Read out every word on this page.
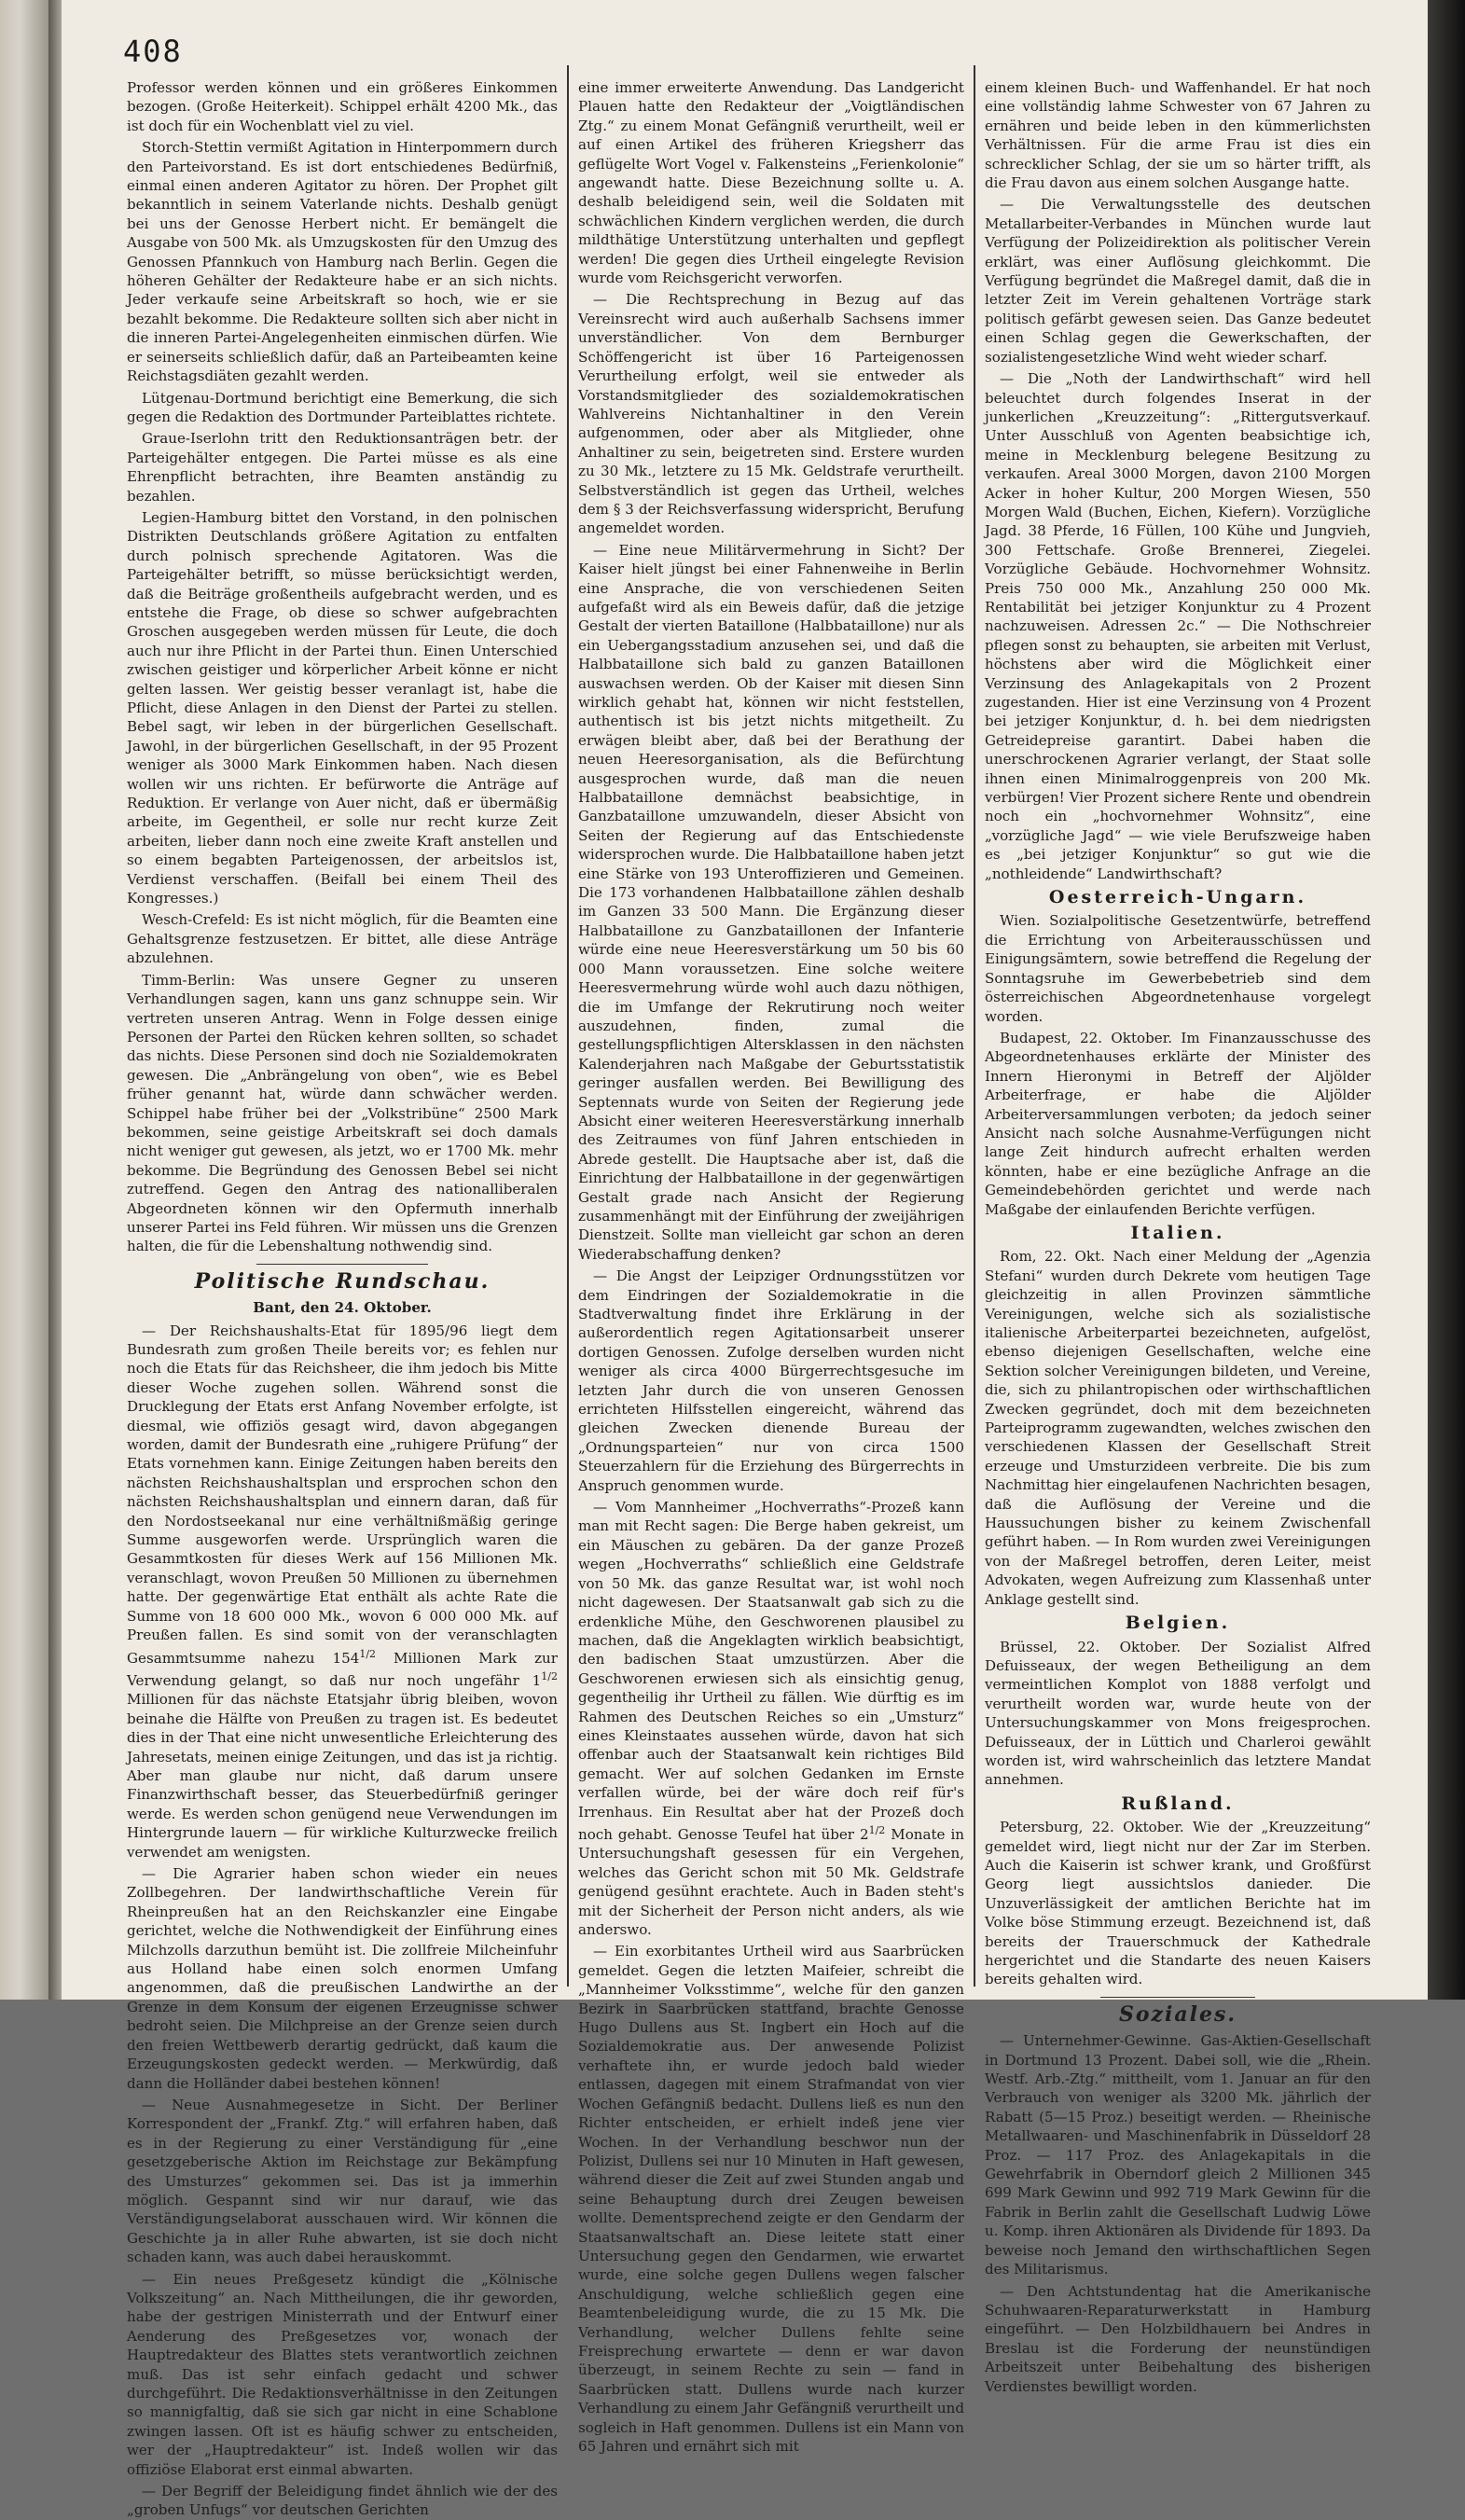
408

Professor werden können und ein größeres Einkommen bezogen. (Große Heiterkeit). Schippel erhält 4200 Mk., das ist doch für ein Wochenblatt viel zu viel.

Storch-Stettin vermißt Agitation in Hinterpommern durch den Parteivorstand. Es ist dort entschiedenes Bedürfniß, einmal einen anderen Agitator zu hören. Der Prophet gilt bekanntlich in seinem Vaterlande nichts. Deshalb genügt bei uns der Genosse Herbert nicht. Er bemängelt die Ausgabe von 500 Mk. als Umzugskosten für den Umzug des Genossen Pfannkuch von Hamburg nach Berlin. Gegen die höheren Gehälter der Redakteure habe er an sich nichts. Jeder verkaufe seine Arbeitskraft so hoch, wie er sie bezahlt bekomme. Die Redakteure sollten sich aber nicht in die inneren Partei-Angelegenheiten einmischen dürfen. Wie er seinerseits schließlich dafür, daß an Parteibeamten keine Reichstagsdiäten gezahlt werden.

Lütgenau-Dortmund berichtigt eine Bemerkung, die sich gegen die Redaktion des Dortmunder Parteiblattes richtete.

Graue-Iserlohn tritt den Reduktionsanträgen betr. der Parteigehälter entgegen. Die Partei müsse es als eine Ehrenpflicht betrachten, ihre Beamten anständig zu bezahlen.

Legien-Hamburg bittet den Vorstand, in den polnischen Distrikten Deutschlands größere Agitation zu entfalten durch polnisch sprechende Agitatoren. Was die Parteigehälter betrifft, so müsse berücksichtigt werden, daß die Beiträge großentheils aufgebracht werden, und es entstehe die Frage, ob diese so schwer aufgebrachten Groschen ausgegeben werden müssen für Leute, die doch auch nur ihre Pflicht in der Partei thun. Einen Unterschied zwischen geistiger und körperlicher Arbeit könne er nicht gelten lassen. Wer geistig besser veranlagt ist, habe die Pflicht, diese Anlagen in den Dienst der Partei zu stellen. Bebel sagt, wir leben in der bürgerlichen Gesellschaft. Jawohl, in der bürgerlichen Gesellschaft, in der 95 Prozent weniger als 3000 Mark Einkommen haben. Nach diesen wollen wir uns richten. Er befürworte die Anträge auf Reduktion. Er verlange von Auer nicht, daß er übermäßig arbeite, im Gegentheil, er solle nur recht kurze Zeit arbeiten, lieber dann noch eine zweite Kraft anstellen und so einem begabten Parteigenossen, der arbeitslos ist, Verdienst verschaffen. (Beifall bei einem Theil des Kongresses.)

Wesch-Crefeld: Es ist nicht möglich, für die Beamten eine Gehaltsgrenze festzusetzen. Er bittet, alle diese Anträge abzulehnen.

Timm-Berlin: Was unsere Gegner zu unseren Verhandlungen sagen, kann uns ganz schnuppe sein. Wir vertreten unseren Antrag. Wenn in Folge dessen einige Personen der Partei den Rücken kehren sollten, so schadet das nichts. Diese Personen sind doch nie Sozialdemokraten gewesen. Die „Anbrängelung von oben“, wie es Bebel früher genannt hat, würde dann schwächer werden. Schippel habe früher bei der „Volkstribüne“ 2500 Mark bekommen, seine geistige Arbeitskraft sei doch damals nicht weniger gut gewesen, als jetzt, wo er 1700 Mk. mehr bekomme. Die Begründung des Genossen Bebel sei nicht zutreffend. Gegen den Antrag des nationalliberalen Abgeordneten können wir den Opfermuth innerhalb unserer Partei ins Feld führen. Wir müssen uns die Grenzen halten, die für die Lebenshaltung nothwendig sind.

Politische Rundschau.
Bant, den 24. Oktober.

— Der Reichshaushalts-Etat für 1895/96 liegt dem Bundesrath zum großen Theile bereits vor; es fehlen nur noch die Etats für das Reichsheer, die ihm jedoch bis Mitte dieser Woche zugehen sollen. Während sonst die Drucklegung der Etats erst Anfang November erfolgte, ist diesmal, wie offiziös gesagt wird, davon abgegangen worden, damit der Bundesrath eine „ruhigere Prüfung“ der Etats vornehmen kann. Einige Zeitungen haben bereits den nächsten Reichshaushaltsplan und ersprochen schon den nächsten Reichshaushaltsplan und einnern daran, daß für den Nordostseekanal nur eine verhältnißmäßig geringe Summe ausgeworfen werde. Ursprünglich waren die Gesammtkosten für dieses Werk auf 156 Millionen Mk. veranschlagt, wovon Preußen 50 Millionen zu übernehmen hatte. Der gegenwärtige Etat enthält als achte Rate die Summe von 18 600 000 Mk., wovon 6 000 000 Mk. auf Preußen fallen. Es sind somit von der veranschlagten Gesammtsumme nahezu $154^{1/2}$ Millionen Mark zur Verwendung gelangt, so daß nur noch ungefähr $1^{1/2}$ Millionen für das nächste Etatsjahr übrig bleiben, wovon beinahe die Hälfte von Preußen zu tragen ist. Es bedeutet dies in der That eine nicht unwesentliche Erleichterung des Jahresetats, meinen einige Zeitungen, und das ist ja richtig. Aber man glaube nur nicht, daß darum unsere Finanzwirthschaft besser, das Steuerbedürfniß geringer werde. Es werden schon genügend neue Verwendungen im Hintergrunde lauern — für wirkliche Kulturzwecke freilich verwendet am wenigsten.

— Die Agrarier haben schon wieder ein neues Zollbegehren. Der landwirthschaftliche Verein für Rheinpreußen hat an den Reichskanzler eine Eingabe gerichtet, welche die Nothwendigkeit der Einführung eines Milchzolls darzuthun bemüht ist. Die zollfreie Milcheinfuhr aus Holland habe einen solch enormen Umfang angenommen, daß die preußischen Landwirthe an der Grenze in dem Konsum der eigenen Erzeugnisse schwer bedroht seien. Die Milchpreise an der Grenze seien durch den freien Wettbewerb derartig gedrückt, daß kaum die Erzeugungskosten gedeckt werden. — Merkwürdig, daß dann die Holländer dabei bestehen können!

— Neue Ausnahmegesetze in Sicht. Der Berliner Korrespondent der „Frankf. Ztg.“ will erfahren haben, daß es in der Regierung zu einer Verständigung für „eine gesetzgeberische Aktion im Reichstage zur Bekämpfung des Umsturzes“ gekommen sei. Das ist ja immerhin möglich. Gespannt sind wir nur darauf, wie das Verständigungselaborat ausschauen wird. Wir können die Geschichte ja in aller Ruhe abwarten, ist sie doch nicht schaden kann, was auch dabei herauskommt.

— Ein neues Preßgesetz kündigt die „Kölnische Volkszeitung“ an. Nach Mittheilungen, die ihr geworden, habe der gestrigen Ministerrath und der Entwurf einer Aenderung des Preßgesetzes vor, wonach der Hauptredakteur des Blattes stets verantwortlich zeichnen muß. Das ist sehr einfach gedacht und schwer durchgeführt. Die Redaktionsverhältnisse in den Zeitungen so mannigfaltig, daß sie sich gar nicht in eine Schablone zwingen lassen. Oft ist es häufig schwer zu entscheiden, wer der „Hauptredakteur“ ist. Indeß wollen wir das offiziöse Elaborat erst einmal abwarten.

— Der Begriff der Beleidigung findet ähnlich wie der des „groben Unfugs“ vor deutschen Gerichten

eine immer erweiterte Anwendung. Das Landgericht Plauen hatte den Redakteur der „Voigtländischen Ztg.“ zu einem Monat Gefängniß verurtheilt, weil er auf einen Artikel des früheren Kriegsherr das geflügelte Wort Vogel v. Falkensteins „Ferienkolonie“ angewandt hatte. Diese Bezeichnung sollte u. A. deshalb beleidigend sein, weil die Soldaten mit schwächlichen Kindern verglichen werden, die durch mildthätige Unterstützung unterhalten und gepflegt werden! Die gegen dies Urtheil eingelegte Revision wurde vom Reichsgericht verworfen.

— Die Rechtsprechung in Bezug auf das Vereinsrecht wird auch außerhalb Sachsens immer unverständlicher. Von dem Bernburger Schöffengericht ist über 16 Parteigenossen Verurtheilung erfolgt, weil sie entweder als Vorstandsmitglieder des sozialdemokratischen Wahlvereins Nichtanhaltiner in den Verein aufgenommen, oder aber als Mitglieder, ohne Anhaltiner zu sein, beigetreten sind. Erstere wurden zu 30 Mk., letztere zu 15 Mk. Geldstrafe verurtheilt. Selbstverständlich ist gegen das Urtheil, welches dem § 3 der Reichsverfassung widerspricht, Berufung angemeldet worden.

— Eine neue Militärvermehrung in Sicht? Der Kaiser hielt jüngst bei einer Fahnenweihe in Berlin eine Ansprache, die von verschiedenen Seiten aufgefaßt wird als ein Beweis dafür, daß die jetzige Gestalt der vierten Bataillone (Halbbataillone) nur als ein Uebergangsstadium anzusehen sei, und daß die Halbbataillone sich bald zu ganzen Bataillonen auswachsen werden. Ob der Kaiser mit diesen Sinn wirklich gehabt hat, können wir nicht feststellen, authentisch ist bis jetzt nichts mitgetheilt. Zu erwägen bleibt aber, daß bei der Berathung der neuen Heeresorganisation, als die Befürchtung ausgesprochen wurde, daß man die neuen Halbbataillone demnächst beabsichtige, in Ganzbataillone umzuwandeln, dieser Absicht von Seiten der Regierung auf das Entschiedenste widersprochen wurde. Die Halbbataillone haben jetzt eine Stärke von 193 Unteroffizieren und Gemeinen. Die 173 vorhandenen Halbbataillone zählen deshalb im Ganzen 33 500 Mann. Die Ergänzung dieser Halbbataillone zu Ganzbataillonen der Infanterie würde eine neue Heeresverstärkung um 50 bis 60 000 Mann voraussetzen. Eine solche weitere Heeresvermehrung würde wohl auch dazu nöthigen, die im Umfange der Rekrutirung noch weiter auszudehnen, finden, zumal die gestellungspflichtigen Altersklassen in den nächsten Kalenderjahren nach Maßgabe der Geburtsstatistik geringer ausfallen werden. Bei Bewilligung des Septennats wurde von Seiten der Regierung jede Absicht einer weiteren Heeresverstärkung innerhalb des Zeitraumes von fünf Jahren entschieden in Abrede gestellt. Die Hauptsache aber ist, daß die Einrichtung der Halbbataillone in der gegenwärtigen Gestalt grade nach Ansicht der Regierung zusammenhängt mit der Einführung der zweijährigen Dienstzeit. Sollte man vielleicht gar schon an deren Wiederabschaffung denken?

— Die Angst der Leipziger Ordnungsstützen vor dem Eindringen der Sozialdemokratie in die Stadtverwaltung findet ihre Erklärung in der außerordentlich regen Agitationsarbeit unserer dortigen Genossen. Zufolge derselben wurden nicht weniger als circa 4000 Bürgerrechtsgesuche im letzten Jahr durch die von unseren Genossen errichteten Hilfsstellen eingereicht, während das gleichen Zwecken dienende Bureau der „Ordnungsparteien“ nur von circa 1500 Steuerzahlern für die Erziehung des Bürgerrechts in Anspruch genommen wurde.

— Vom Mannheimer „Hochverraths“-Prozeß kann man mit Recht sagen: Die Berge haben gekreist, um ein Mäuschen zu gebären. Da der ganze Prozeß wegen „Hochverraths“ schließlich eine Geldstrafe von 50 Mk. das ganze Resultat war, ist wohl noch nicht dagewesen. Der Staatsanwalt gab sich zu die erdenkliche Mühe, den Geschworenen plausibel zu machen, daß die Angeklagten wirklich beabsichtigt, den badischen Staat umzustürzen. Aber die Geschworenen erwiesen sich als einsichtig genug, gegentheilig ihr Urtheil zu fällen. Wie dürftig es im Rahmen des Deutschen Reiches so ein „Umsturz“ eines Kleinstaates aussehen würde, davon hat sich offenbar auch der Staatsanwalt kein richtiges Bild gemacht. Wer auf solchen Gedanken im Ernste verfallen würde, bei der wäre doch reif für's Irrenhaus. Ein Resultat aber hat der Prozeß doch noch gehabt. Genosse Teufel hat über $2^{1/2}$ Monate in Untersuchungshaft gesessen für ein Vergehen, welches das Gericht schon mit 50 Mk. Geldstrafe genügend gesühnt erachtete. Auch in Baden steht's mit der Sicherheit der Person nicht anders, als wie anderswo.

— Ein exorbitantes Urtheil wird aus Saarbrücken gemeldet. Gegen die letzten Maifeier, schreibt die „Mannheimer Volksstimme“, welche für den ganzen Bezirk in Saarbrücken stattfand, brachte Genosse Hugo Dullens aus St. Ingbert ein Hoch auf die Sozialdemokratie aus. Der anwesende Polizist verhaftete ihn, er wurde jedoch bald wieder entlassen, dagegen mit einem Strafmandat von vier Wochen Gefängniß bedacht. Dullens ließ es nun den Richter entscheiden, er erhielt indeß jene vier Wochen. In der Verhandlung beschwor nun der Polizist, Dullens sei nur 10 Minuten in Haft gewesen, während dieser die Zeit auf zwei Stunden angab und seine Behauptung durch drei Zeugen beweisen wollte. Dementsprechend zeigte er den Gendarm der Staatsanwaltschaft an. Diese leitete statt einer Untersuchung gegen den Gendarmen, wie erwartet wurde, eine solche gegen Dullens wegen falscher Anschuldigung, welche schließlich gegen eine Beamtenbeleidigung wurde, die zu 15 Mk. Die Verhandlung, welcher Dullens fehlte seine Freisprechung erwartete — denn er war davon überzeugt, in seinem Rechte zu sein — fand in Saarbrücken statt. Dullens wurde nach kurzer Verhandlung zu einem Jahr Gefängniß verurtheilt und sogleich in Haft genommen. Dullens ist ein Mann von 65 Jahren und ernährt sich mit

einem kleinen Buch- und Waffenhandel. Er hat noch eine vollständig lahme Schwester von 67 Jahren zu ernähren und beide leben in den kümmerlichsten Verhältnissen. Für die arme Frau ist dies ein schrecklicher Schlag, der sie um so härter trifft, als die Frau davon aus einem solchen Ausgange hatte.

— Die Verwaltungsstelle des deutschen Metallarbeiter-Verbandes in München wurde laut Verfügung der Polizeidirektion als politischer Verein erklärt, was einer Auflösung gleichkommt. Die Verfügung begründet die Maßregel damit, daß die in letzter Zeit im Verein gehaltenen Vorträge stark politisch gefärbt gewesen seien. Das Ganze bedeutet einen Schlag gegen die Gewerkschaften, der sozialistengesetzliche Wind weht wieder scharf.

— Die „Noth der Landwirthschaft“ wird hell beleuchtet durch folgendes Inserat in der junkerlichen „Kreuzzeitung“: „Rittergutsverkauf. Unter Ausschluß von Agenten beabsichtige ich, meine in Mecklenburg belegene Besitzung zu verkaufen. Areal 3000 Morgen, davon 2100 Morgen Acker in hoher Kultur, 200 Morgen Wiesen, 550 Morgen Wald (Buchen, Eichen, Kiefern). Vorzügliche Jagd. 38 Pferde, 16 Füllen, 100 Kühe und Jungvieh, 300 Fettschafe. Große Brennerei, Ziegelei. Vorzügliche Gebäude. Hochvornehmer Wohnsitz. Preis 750 000 Mk., Anzahlung 250 000 Mk. Rentabilität bei jetziger Konjunktur zu 4 Prozent nachzuweisen. Adressen 2c.“ — Die Nothschreier pflegen sonst zu behaupten, sie arbeiten mit Verlust, höchstens aber wird die Möglichkeit einer Verzinsung des Anlagekapitals von 2 Prozent zugestanden. Hier ist eine Verzinsung von 4 Prozent bei jetziger Konjunktur, d. h. bei dem niedrigsten Getreidepreise garantirt. Dabei haben die unerschrockenen Agrarier verlangt, der Staat solle ihnen einen Minimalroggenpreis von 200 Mk. verbürgen! Vier Prozent sichere Rente und obendrein noch ein „hochvornehmer Wohnsitz“, eine „vorzügliche Jagd“ — wie viele Berufszweige haben es „bei jetziger Konjunktur“ so gut wie die „nothleidende“ Landwirthschaft?

Oesterreich-Ungarn.

Wien. Sozialpolitische Gesetzentwürfe, betreffend die Errichtung von Arbeiterausschüssen und Einigungsämtern, sowie betreffend die Regelung der Sonntagsruhe im Gewerbebetrieb sind dem österreichischen Abgeordnetenhause vorgelegt worden.

Budapest, 22. Oktober. Im Finanzausschusse des Abgeordnetenhauses erklärte der Minister des Innern Hieronymi in Betreff der Aljölder Arbeiterfrage, er habe die Aljölder Arbeiterversammlungen verboten; da jedoch seiner Ansicht nach solche Ausnahme-Verfügungen nicht lange Zeit hindurch aufrecht erhalten werden könnten, habe er eine bezügliche Anfrage an die Gemeindebehörden gerichtet und werde nach Maßgabe der einlaufenden Berichte verfügen.

Italien.

Rom, 22. Okt. Nach einer Meldung der „Agenzia Stefani“ wurden durch Dekrete vom heutigen Tage gleichzeitig in allen Provinzen sämmtliche Vereinigungen, welche sich als sozialistische italienische Arbeiterpartei bezeichneten, aufgelöst, ebenso diejenigen Gesellschaften, welche eine Sektion solcher Vereinigungen bildeten, und Vereine, die, sich zu philantropischen oder wirthschaftlichen Zwecken gegründet, doch mit dem bezeichneten Parteiprogramm zugewandten, welches zwischen den verschiedenen Klassen der Gesellschaft Streit erzeuge und Umsturzideen verbreite. Die bis zum Nachmittag hier eingelaufenen Nachrichten besagen, daß die Auflösung der Vereine und die Haussuchungen bisher zu keinem Zwischenfall geführt haben. — In Rom wurden zwei Vereinigungen von der Maßregel betroffen, deren Leiter, meist Advokaten, wegen Aufreizung zum Klassenhaß unter Anklage gestellt sind.

Belgien.

Brüssel, 22. Oktober. Der Sozialist Alfred Defuisseaux, der wegen Betheiligung an dem vermeintlichen Komplot von 1888 verfolgt und verurtheilt worden war, wurde heute von der Untersuchungskammer von Mons freigesprochen. Defuisseaux, der in Lüttich und Charleroi gewählt worden ist, wird wahrscheinlich das letztere Mandat annehmen.

Rußland.

Petersburg, 22. Oktober. Wie der „Kreuzzeitung“ gemeldet wird, liegt nicht nur der Zar im Sterben. Auch die Kaiserin ist schwer krank, und Großfürst Georg liegt aussichtslos danieder. Die Unzuverlässigkeit der amtlichen Berichte hat im Volke böse Stimmung erzeugt. Bezeichnend ist, daß bereits der Trauerschmuck der Kathedrale hergerichtet und die Standarte des neuen Kaisers bereits gehalten wird.

Soziales.

— Unternehmer-Gewinne. Gas-Aktien-Gesellschaft in Dortmund 13 Prozent. Dabei soll, wie die „Rhein. Westf. Arb.-Ztg.“ mittheilt, vom 1. Januar an für den Verbrauch von weniger als 3200 Mk. jährlich der Rabatt (5—15 Proz.) beseitigt werden. — Rheinische Metallwaaren- und Maschinenfabrik in Düsseldorf 28 Proz. — 117 Proz. des Anlagekapitals in die Gewehrfabrik in Oberndorf gleich 2 Millionen 345 699 Mark Gewinn und 992 719 Mark Gewinn für die Fabrik in Berlin zahlt die Gesellschaft Ludwig Löwe u. Komp. ihren Aktionären als Dividende für 1893. Da beweise noch Jemand den wirthschaftlichen Segen des Militarismus.

— Den Achtstundentag hat die Amerikanische Schuhwaaren-Reparaturwerkstatt in Hamburg eingeführt. — Den Holzbildhauern bei Andres in Breslau ist die Forderung der neunstündigen Arbeitszeit unter Beibehaltung des bisherigen Verdienstes bewilligt worden.
